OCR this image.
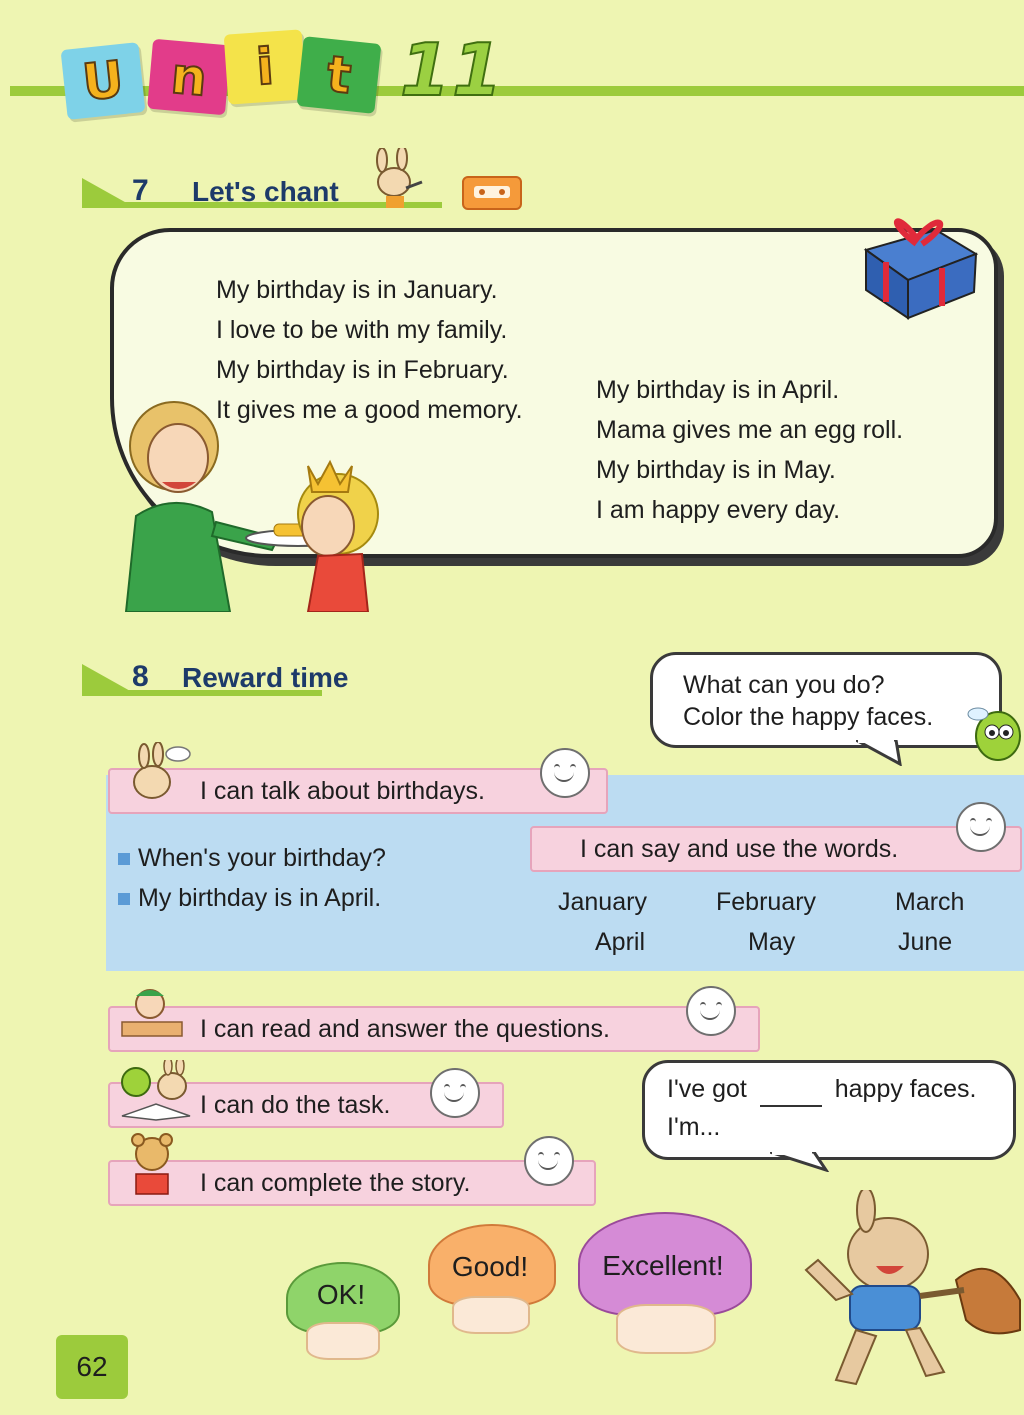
U n i t 11
7 Let's chant
My birthday is in January.
I love to be with my family.
My birthday is in February.
It gives me a good memory.
My birthday is in April.
Mama gives me an egg roll.
My birthday is in May.
I am happy every day.
8 Reward time	What can you do?
Color the happy faces.
I can talk about birthdays.
When's your birthday?
My birthday is in April.
I can say and use the words.
January	February	March
April	May	June
I can read and answer the questions.
I can do the task.
I've got	happy faces.
I'm...
I can complete the story.
OK!
Good!	Excellent!
62
